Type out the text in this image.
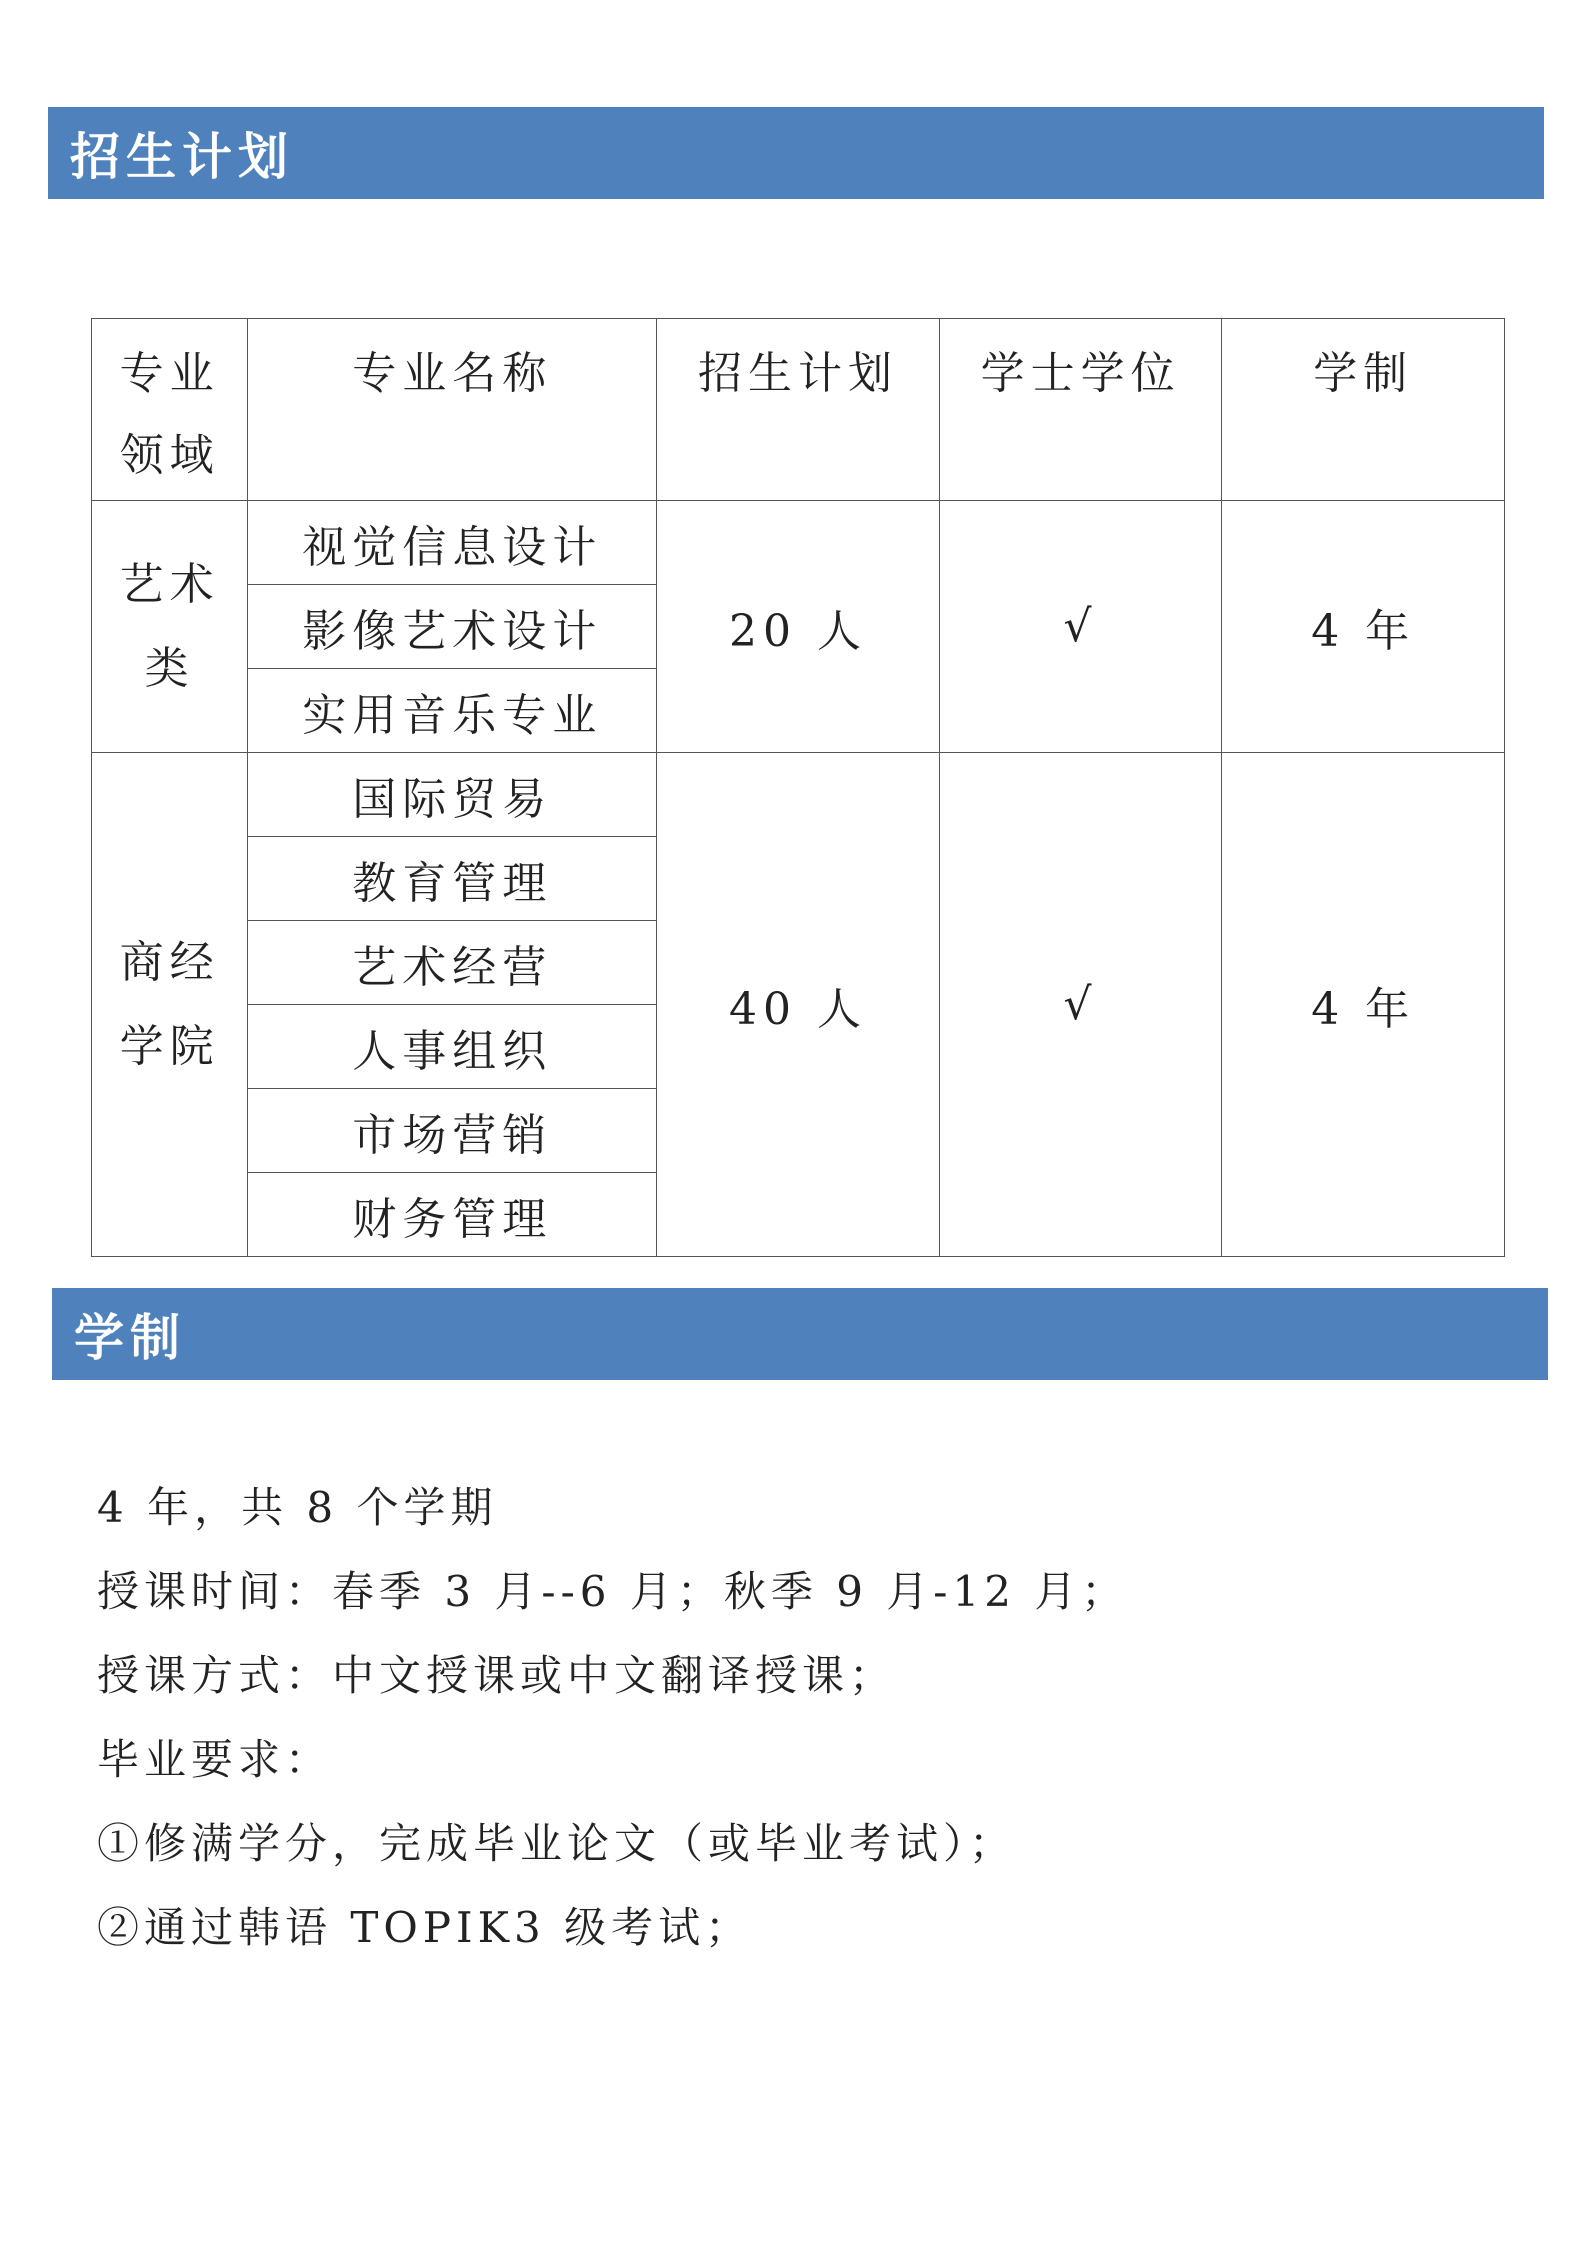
招生计划
专业
领域	专业名称	招生计划	学士学位	学制

艺术
类	视觉信息设计	20 人	√	4 年
	影像艺术设计			
	实用音乐专业			

商经
学院	国际贸易	40 人	√	4 年
	教育管理			
	艺术经营			
	人事组织			
	市场营销			
	财务管理			
学制
4 年，共 8 个学期
授课时间：春季 3 月--6 月；秋季 9 月-12 月；
授课方式：中文授课或中文翻译授课；
毕业要求：
①修满学分，完成毕业论文（或毕业考试）；
②通过韩语 TOPIK3 级考试；
